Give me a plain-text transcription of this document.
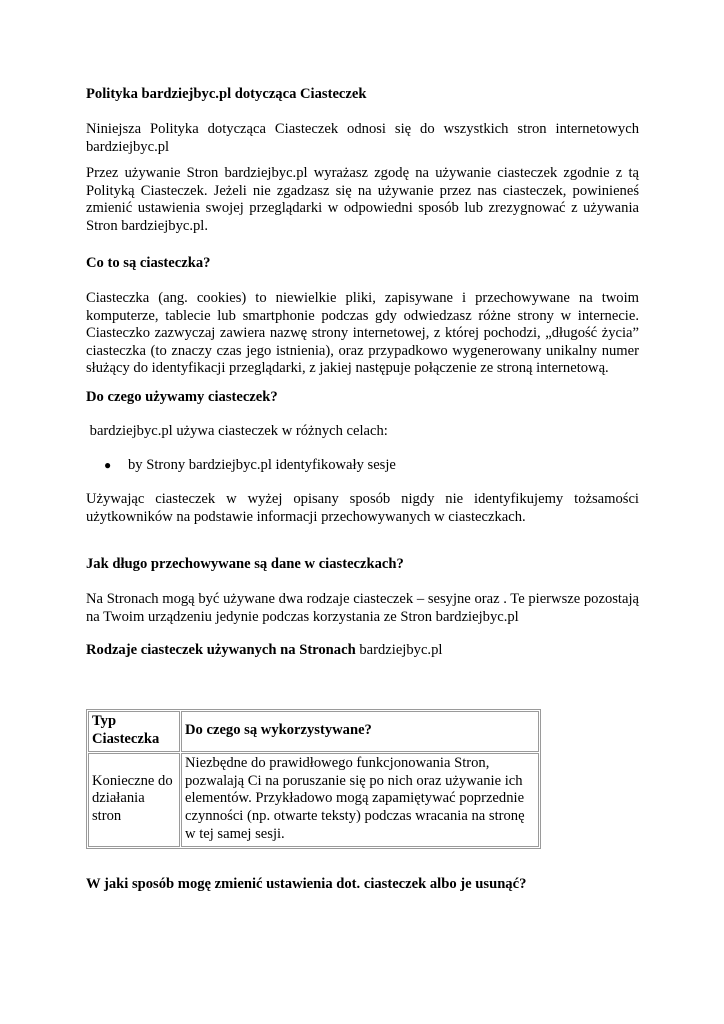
Polityka bardziejbyc.pl dotycząca Ciasteczek

Niniejsza Polityka dotycząca Ciasteczek odnosi się do wszystkich stron internetowych bardziejbyc.pl

Przez używanie Stron bardziejbyc.pl wyrażasz zgodę na używanie ciasteczek zgodnie z tą Polityką Ciasteczek. Jeżeli nie zgadzasz się na używanie przez nas ciasteczek, powinieneś zmienić ustawienia swojej przeglądarki w odpowiedni sposób lub zrezygnować z używania Stron bardziejbyc.pl.

Co to są ciasteczka?

Ciasteczka (ang. cookies) to niewielkie pliki, zapisywane i przechowywane na twoim komputerze, tablecie lub smartphonie podczas gdy odwiedzasz różne strony w internecie. Ciasteczko zazwyczaj zawiera nazwę strony internetowej, z której pochodzi, „długość życia” ciasteczka (to znaczy czas jego istnienia), oraz przypadkowo wygenerowany unikalny numer służący do identyfikacji przeglądarki, z jakiej następuje połączenie ze stroną internetową.

Do czego używamy ciasteczek?

bardziejbyc.pl używa ciasteczek w różnych celach:

●	by Strony bardziejbyc.pl identyfikowały sesje

Używając ciasteczek w wyżej opisany sposób nigdy nie identyfikujemy tożsamości użytkowników na podstawie informacji przechowywanych w ciasteczkach.

Jak długo przechowywane są dane w ciasteczkach?

Na Stronach mogą być używane dwa rodzaje ciasteczek – sesyjne oraz . Te pierwsze pozostają na Twoim urządzeniu jedynie podczas korzystania ze Stron bardziejbyc.pl

Rodzaje ciasteczek używanych na Stronach bardziejbyc.pl

Typ Ciasteczka	Do czego są wykorzystywane?
Konieczne do działania stron	Niezbędne do prawidłowego funkcjonowania Stron, pozwalają Ci na poruszanie się po nich oraz używanie ich elementów. Przykładowo mogą zapamiętywać poprzednie czynności (np. otwarte teksty) podczas wracania na stronę w tej samej sesji.

W jaki sposób mogę zmienić ustawienia dot. ciasteczek albo je usunąć?
